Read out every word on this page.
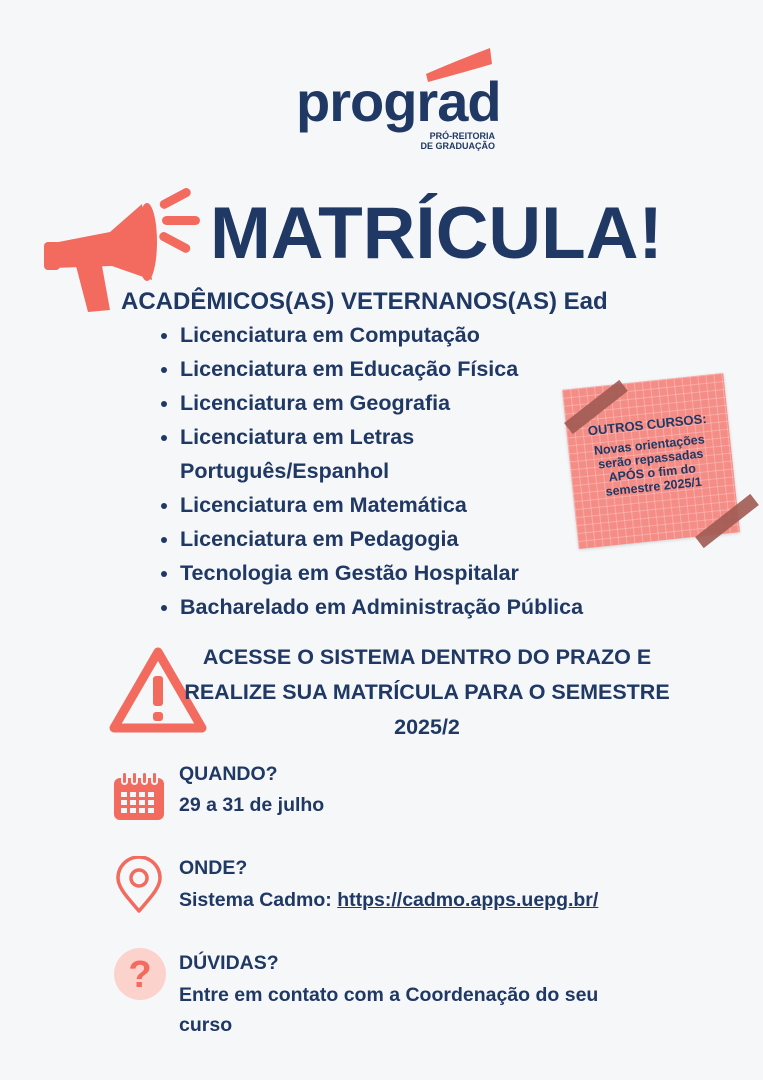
prograd
PRÓ-REITORIA
DE GRADUAÇÃO
MATRÍCULA!
ACADÊMICOS(AS) VETERNANOS(AS) Ead
• Licenciatura em Computação
• Licenciatura em Educação Física
• Licenciatura em Geografia
• Licenciatura em Letras Português/Espanhol
• Licenciatura em Matemática
• Licenciatura em Pedagogia
• Tecnologia em Gestão Hospitalar
• Bacharelado em Administração Pública
OUTROS CURSOS:
Novas orientações serão repassadas APÓS o fim do semestre 2025/1
ACESSE O SISTEMA DENTRO DO PRAZO E REALIZE SUA MATRÍCULA PARA O SEMESTRE 2025/2
QUANDO?
29 a 31 de julho
ONDE?
Sistema Cadmo: https://cadmo.apps.uepg.br/
? DÚVIDAS?
Entre em contato com a Coordenação do seu curso
